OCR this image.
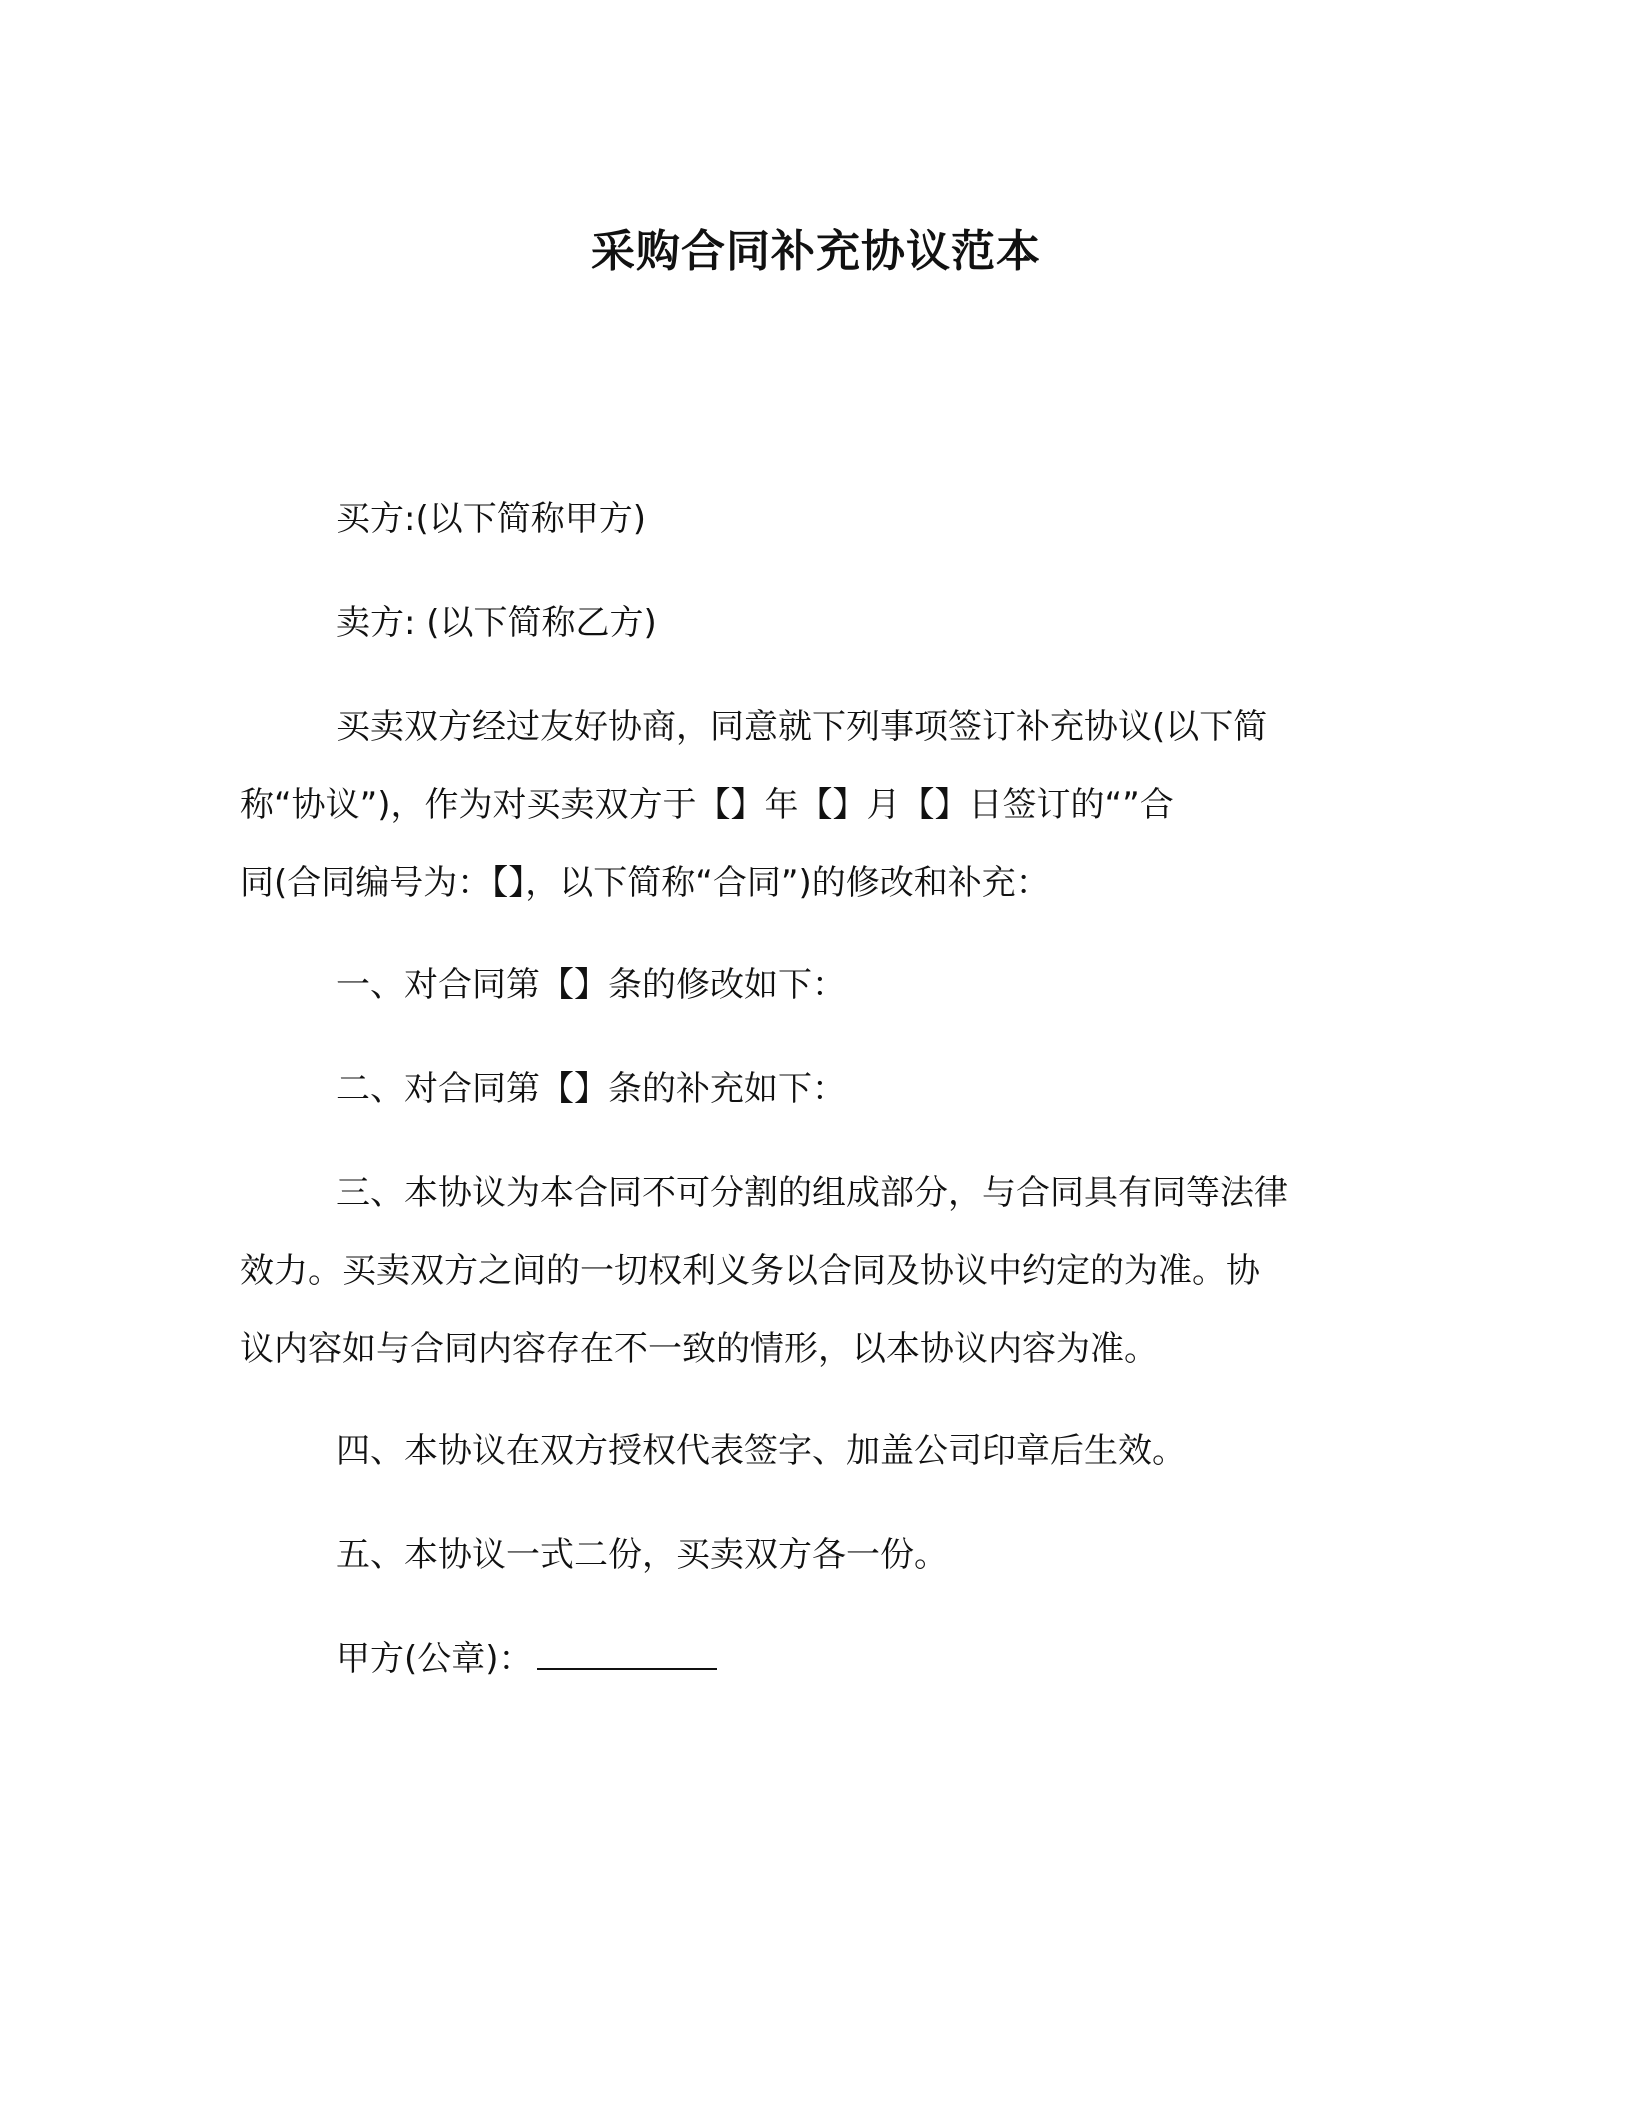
采购合同补充协议范本

买方:(以下简称甲方)

卖方: (以下简称乙方)

买卖双方经过友好协商，同意就下列事项签订补充协议(以下简
称“协议”)，作为对买卖双方于【】年【】月【】日签订的“”合
同(合同编号为：【】，以下简称“合同”)的修改和补充：

一、对合同第【】条的修改如下：

二、对合同第【】条的补充如下：

三、本协议为本合同不可分割的组成部分，与合同具有同等法律
效力。买卖双方之间的一切权利义务以合同及协议中约定的为准。协
议内容如与合同内容存在不一致的情形，以本协议内容为准。

四、本协议在双方授权代表签字、加盖公司印章后生效。

五、本协议一式二份，买卖双方各一份。

甲方(公章)：
